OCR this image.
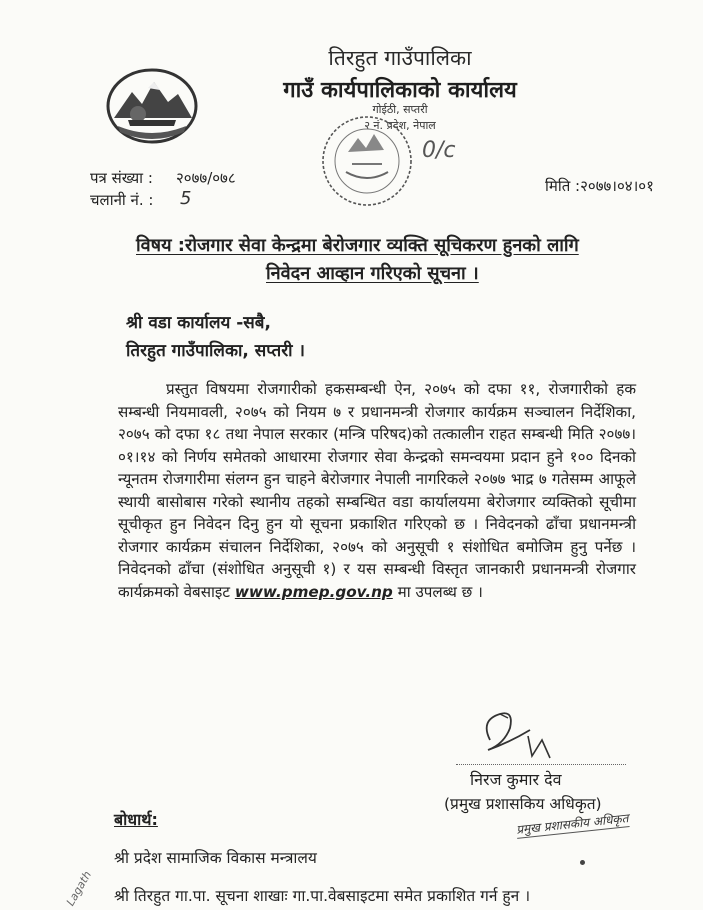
तिरहुत गाउँपालिका
गाउँ कार्यपालिकाको कार्यालय
गोईठी, सप्तरी
२ नं. प्रदेश, नेपाल
0/c
पत्र संख्या : २०७७/०७८	मिति :२०७७।०४।०१
चलानी नं. : 5
विषय :रोजगार सेवा केन्द्रमा बेरोजगार व्यक्ति सूचिकरण हुनको लागि
निवेदन आव्हान गरिएको सूचना ।
श्री वडा कार्यालय -सबै,
तिरहुत गाउँपालिका, सप्तरी ।

प्रस्तुत विषयमा रोजगारीको हकसम्बन्धी ऐन, २०७५ को दफा ११, रोजगारीको हक सम्बन्धी नियमावली, २०७५ को नियम ७ र प्रधानमन्त्री रोजगार कार्यक्रम सञ्चालन निर्देशिका, २०७५ को दफा १८ तथा नेपाल सरकार (मन्त्रि परिषद)को तत्कालीन राहत सम्बन्धी मिति २०७७।०१।१४ को निर्णय समेतको आधारमा रोजगार सेवा केन्द्रको समन्वयमा प्रदान हुने १०० दिनको न्यूनतम रोजगारीमा संलग्न हुन चाहने बेरोजगार नेपाली नागरिकले २०७७ भाद्र ७ गतेसम्म आफूले स्थायी बासोबास गरेको स्थानीय तहको सम्बन्धित वडा कार्यालयमा बेरोजगार व्यक्तिको सूचीमा सूचीकृत हुन निवेदन दिनु हुन यो सूचना प्रकाशित गरिएको छ । निवेदनको ढाँचा प्रधानमन्त्री रोजगार कार्यक्रम संचालन निर्देशिका, २०७५ को अनुसूची १ संशोधित बमोजिम हुनु पर्नेछ । निवेदनको ढाँचा (संशोधित अनुसूची १) र यस सम्बन्धी विस्तृत जानकारी प्रधानमन्त्री रोजगार कार्यक्रमको वेबसाइट www.pmep.gov.np मा उपलब्ध छ ।

निरज कुमार देव
(प्रमुख प्रशासकिय अधिकृत)
प्रमुख प्रशासकीय अधिकृत
बोधार्थ:
श्री प्रदेश सामाजिक विकास मन्त्रालय
श्री तिरहुत गा.पा. सूचना शाखाः गा.पा.वेबसाइटमा समेत प्रकाशित गर्न हुन ।
Lagath
